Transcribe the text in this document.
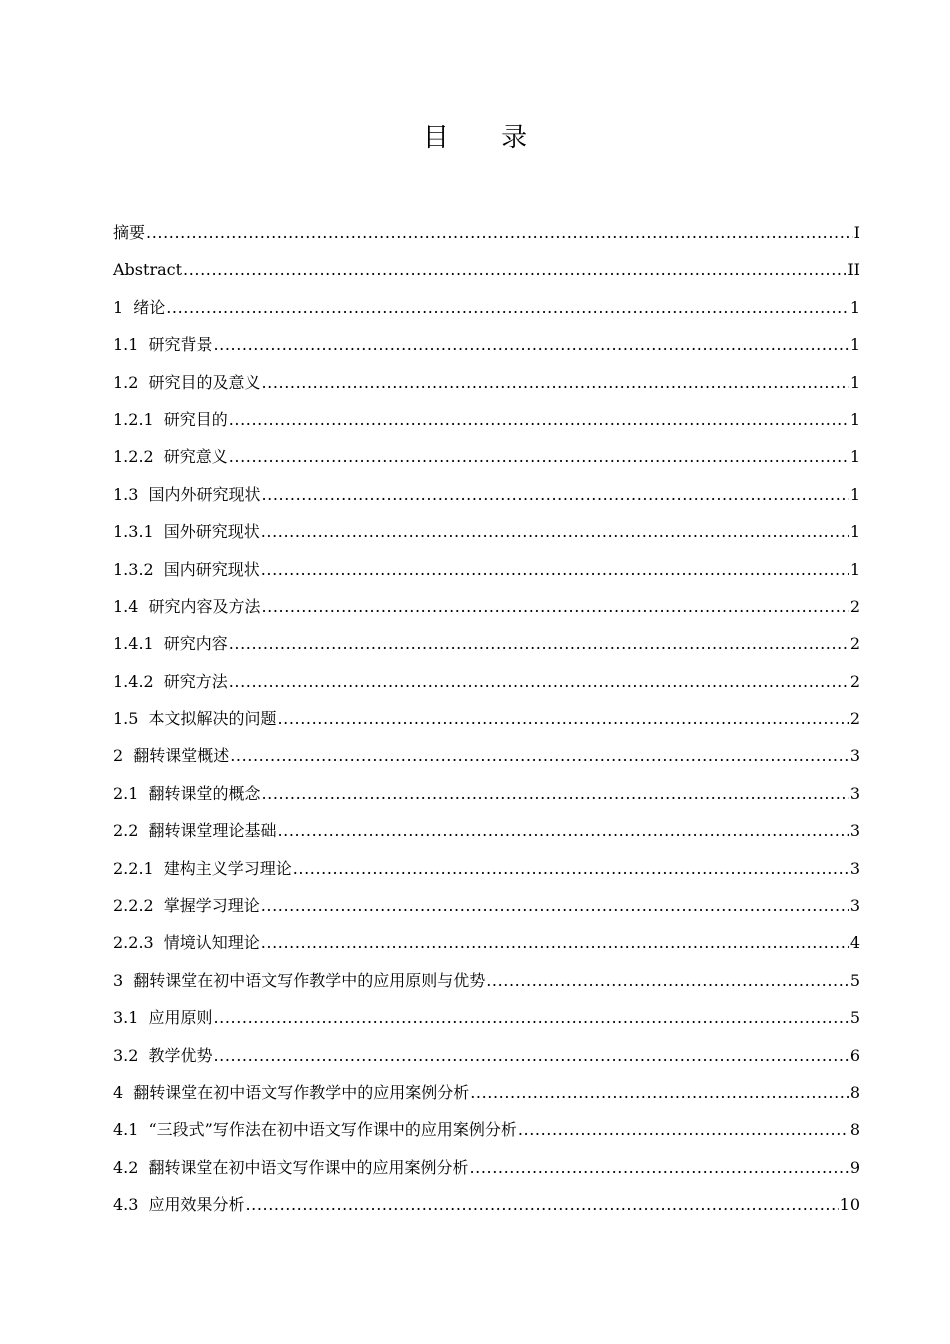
目 录
摘要 .....	I
Abstract .....	II
1 绪论 .....	1
1.1 研究背景 .....	1
1.2 研究目的及意义 .....	1
1.2.1 研究目的 .....	1
1.2.2 研究意义 .....	1
1.3 国内外研究现状 .....	1
1.3.1 国外研究现状 .....	1
1.3.2 国内研究现状 .....	1
1.4 研究内容及方法 .....	2
1.4.1 研究内容 .....	2
1.4.2 研究方法 .....	2
1.5 本文拟解决的问题 .....	2
2 翻转课堂概述 .....	3
2.1 翻转课堂的概念 .....	3
2.2 翻转课堂理论基础 .....	3
2.2.1 建构主义学习理论 .....	3
2.2.2 掌握学习理论 .....	3
2.2.3 情境认知理论 .....	4
3 翻转课堂在初中语文写作教学中的应用原则与优势 .....	5
3.1 应用原则 .....	5
3.2 教学优势 .....	6
4 翻转课堂在初中语文写作教学中的应用案例分析 .....	8
4.1 “三段式”写作法在初中语文写作课中的应用案例分析 .....	8
4.2 翻转课堂在初中语文写作课中的应用案例分析 .....	9
4.3 应用效果分析 .....	10
